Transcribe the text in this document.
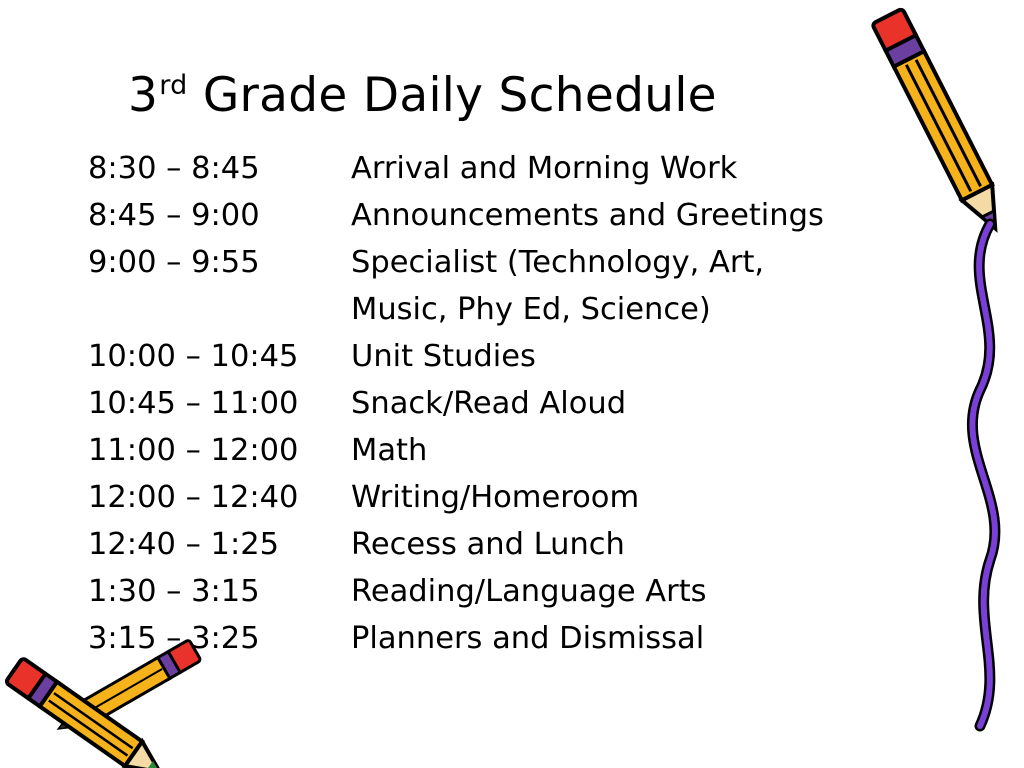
3rd Grade Daily Schedule
8:30 – 8:45	Arrival and Morning Work
8:45 – 9:00	Announcements and Greetings
9:00 – 9:55	Specialist (Technology, Art,
Music, Phy Ed, Science)
10:00 – 10:45 Unit Studies
10:45 – 11:00 Snack/Read Aloud
11:00 – 12:00 Math
12:00 – 12:40 Writing/Homeroom
12:40 – 1:25 Recess and Lunch
1:30 – 3:15	Reading/Language Arts
3:15 – 3:25	Planners and Dismissal
